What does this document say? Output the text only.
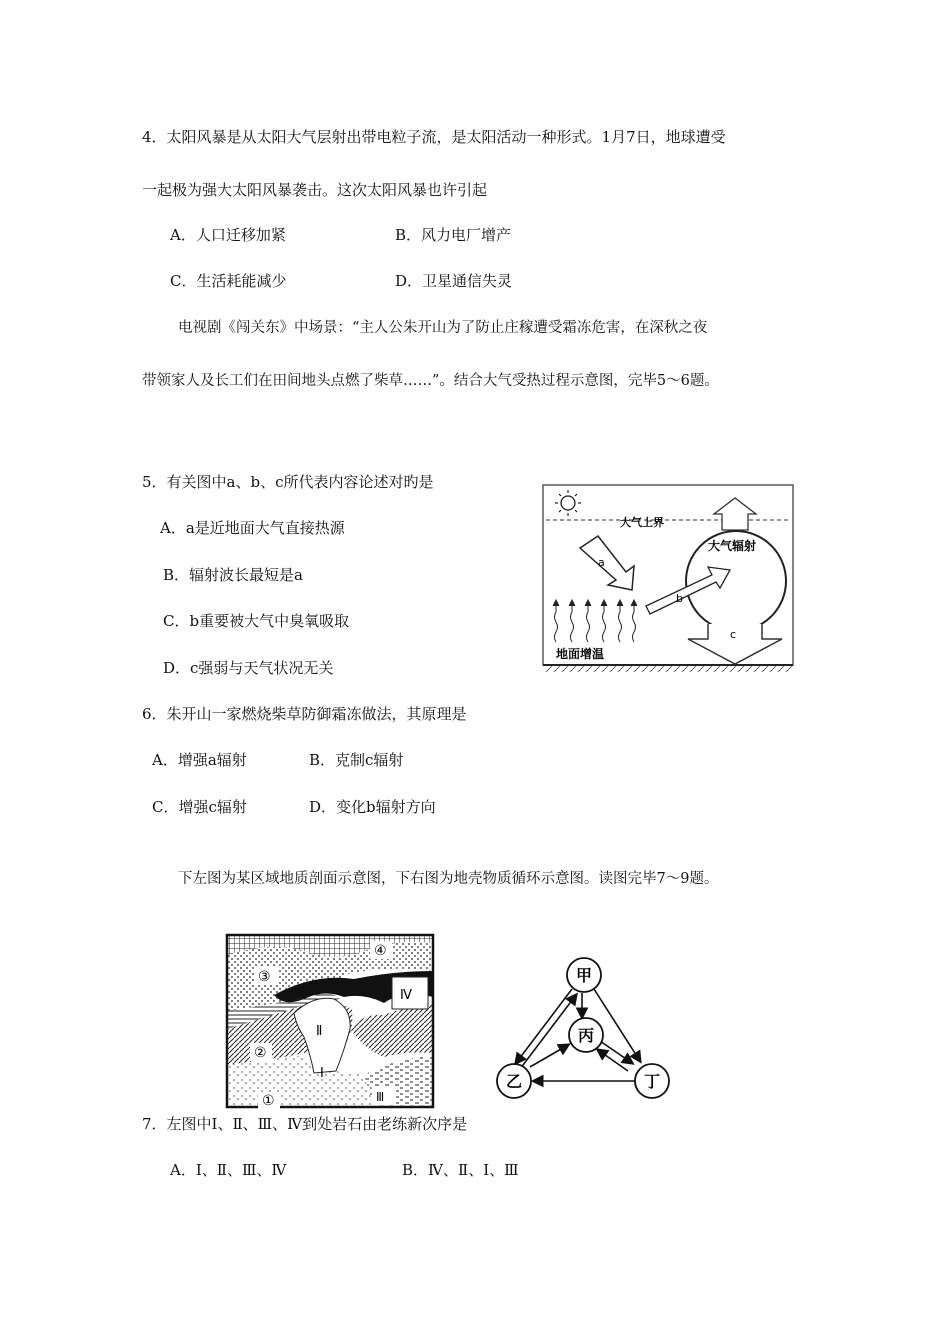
4．太阳风暴是从太阳大气层射出带电粒子流，是太阳活动一种形式。1月7日，地球遭受
一起极为强大太阳风暴袭击。这次太阳风暴也许引起
A．人口迁移加紧	B．风力电厂增产
C．生活耗能减少	D．卫星通信失灵
电视剧《闯关东》中场景：“主人公朱开山为了防止庄稼遭受霜冻危害，在深秋之夜
带领家人及长工们在田间地头点燃了柴草……”。结合大气受热过程示意图，完毕5～6题。
5．有关图中a、b、c所代表内容论述对旳是
A．a是近地面大气直接热源
B．辐射波长最短是a
C．b重要被大气中臭氧吸取
D．c强弱与天气状况无关
大气上界
大气辐射
地面增温
a
b
c
6．朱开山一家燃烧柴草防御霜冻做法，其原理是
A．增强a辐射	B．克制c辐射
C．增强c辐射	D．变化b辐射方向
下左图为某区域地质剖面示意图，下右图为地壳物质循环示意图。读图完毕7～9题。
Ⅳ
Ⅱ
Ⅰ
Ⅲ
①
②
③
④
甲
乙
丙
丁
7．左图中Ⅰ、Ⅱ、Ⅲ、Ⅳ到处岩石由老练新次序是
A．Ⅰ、Ⅱ、Ⅲ、Ⅳ	B．Ⅳ、Ⅱ、Ⅰ、Ⅲ
